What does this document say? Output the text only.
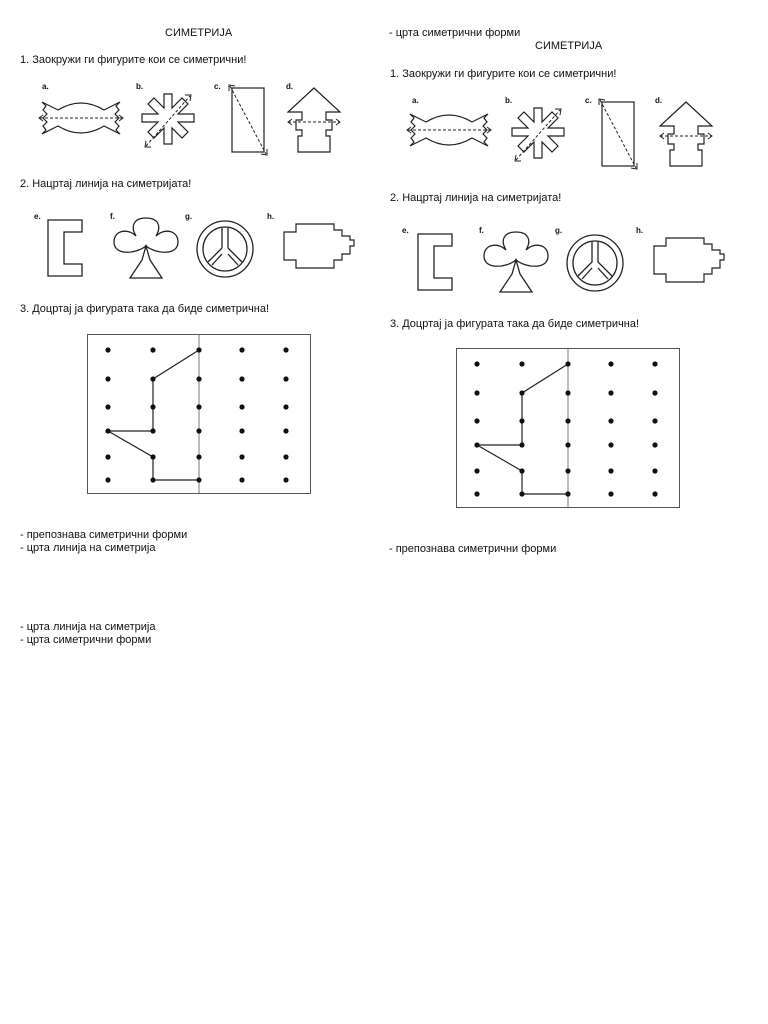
СИМЕТРИЈА
1. Заокружи ги фигурите кои се симетрични!
a.	b.	c.	d.
2. Нацртај линија на симетријата!
e.	f.	g.	h.
3. Доцртај ја фигурата така да биде симетрична!
- препознава симетрични форми
- црта линија на симетрија
- црта линија на симетрија
- црта симетрични форми
- црта симетрични форми
СИМЕТРИЈА
1. Заокружи ги фигурите кои се симетрични!
a.	b.	c.	d.
2. Нацртај линија на симетријата!
e.	f.	g.	h.
3. Доцртај ја фигурата така да биде симетрична!
- препознава симетрични форми
